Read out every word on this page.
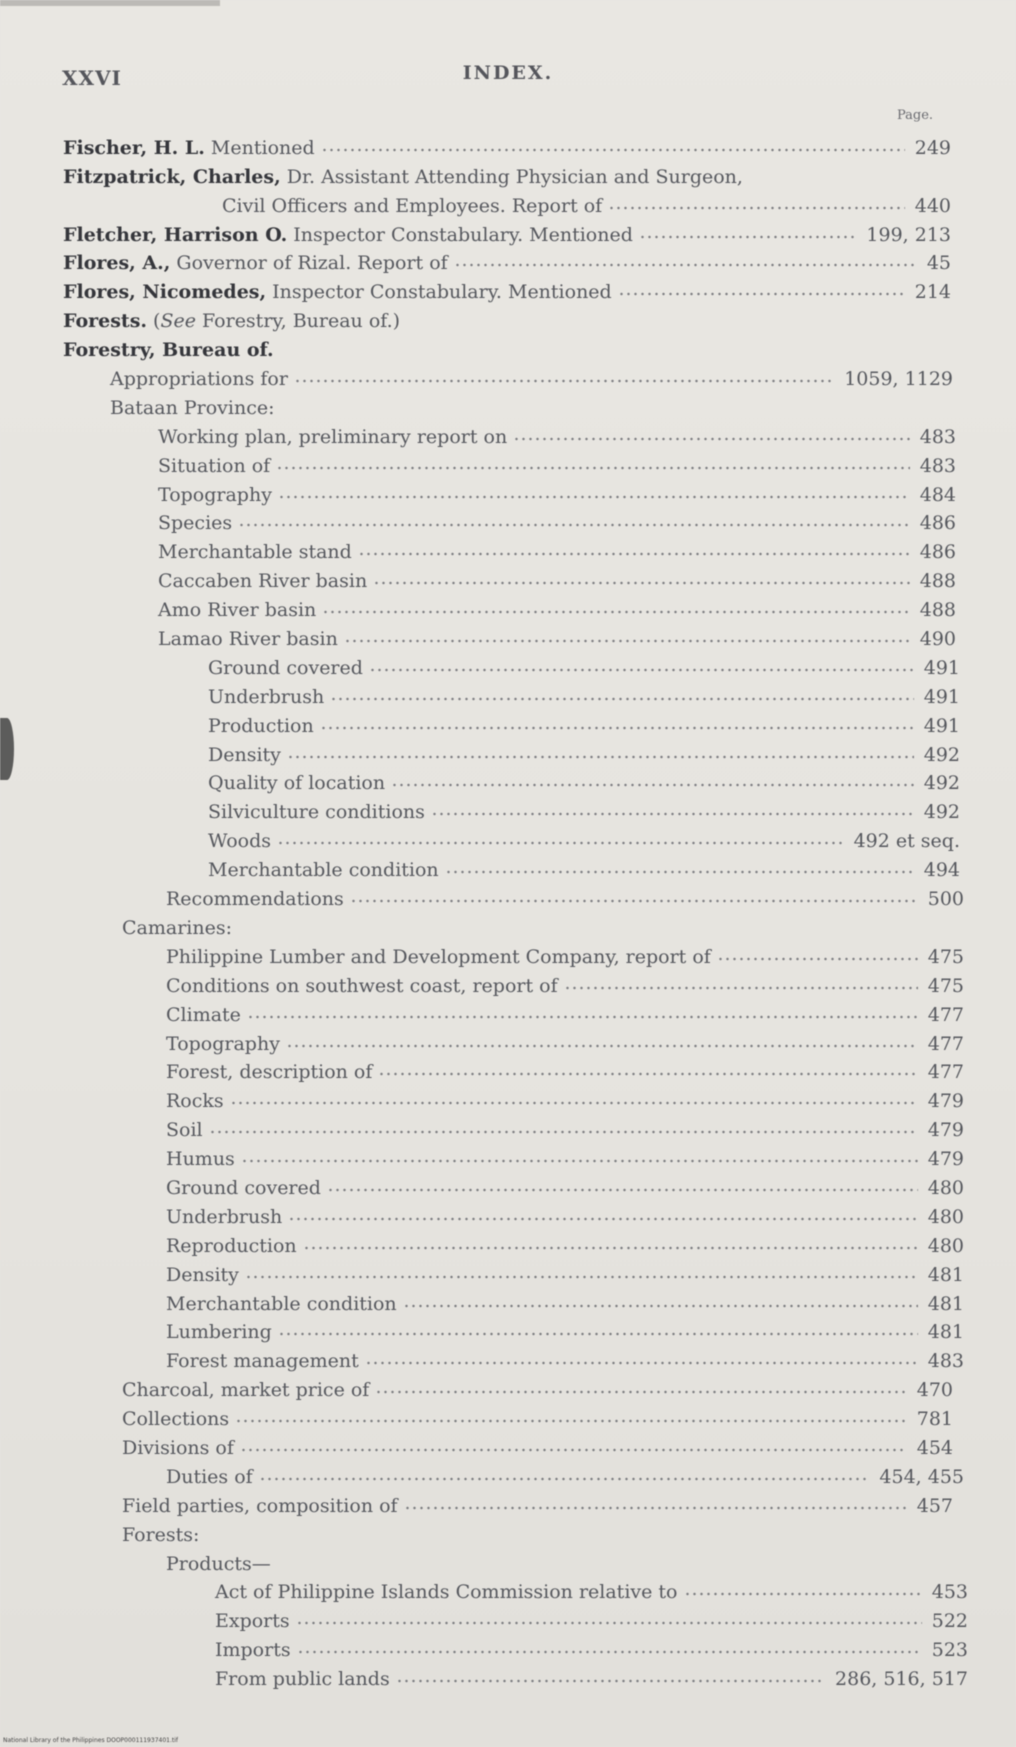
XXVI	INDEX.
Page.
Fischer, H. L. Mentioned	249
Fitzpatrick, Charles, Dr. Assistant Attending Physician and Surgeon,
Civil Officers and Employees. Report of	440
Fletcher, Harrison O. Inspector Constabulary. Mentioned	199, 213
Flores, A., Governor of Rizal. Report of	45
Flores, Nicomedes, Inspector Constabulary. Mentioned	214
Forests. (See Forestry, Bureau of.)
Forestry, Bureau of.
Appropriations for	1059, 1129
Bataan Province:
Working plan, preliminary report on	483
Situation of	483
Topography	484
Species	486
Merchantable stand	486
Caccaben River basin	488
Amo River basin	488
Lamao River basin	490
Ground covered	491
Underbrush	491
Production	491
Density	492
Quality of location	492
Silviculture conditions	492
Woods	492 et seq.
Merchantable condition	494
Recommendations	500
Camarines:
Philippine Lumber and Development Company, report of	475
Conditions on southwest coast, report of	475
Climate	477
Topography	477
Forest, description of	477
Rocks	479
Soil	479
Humus	479
Ground covered	480
Underbrush	480
Reproduction	480
Density	481
Merchantable condition	481
Lumbering	481
Forest management	483
Charcoal, market price of	470
Collections	781
Divisions of	454
Duties of	454, 455
Field parties, composition of	457
Forests:
Products—
Act of Philippine Islands Commission relative to	453
Exports	522
Imports	523
From public lands	286, 516, 517
National Library of the Philippines DOOP000111937401.tif
